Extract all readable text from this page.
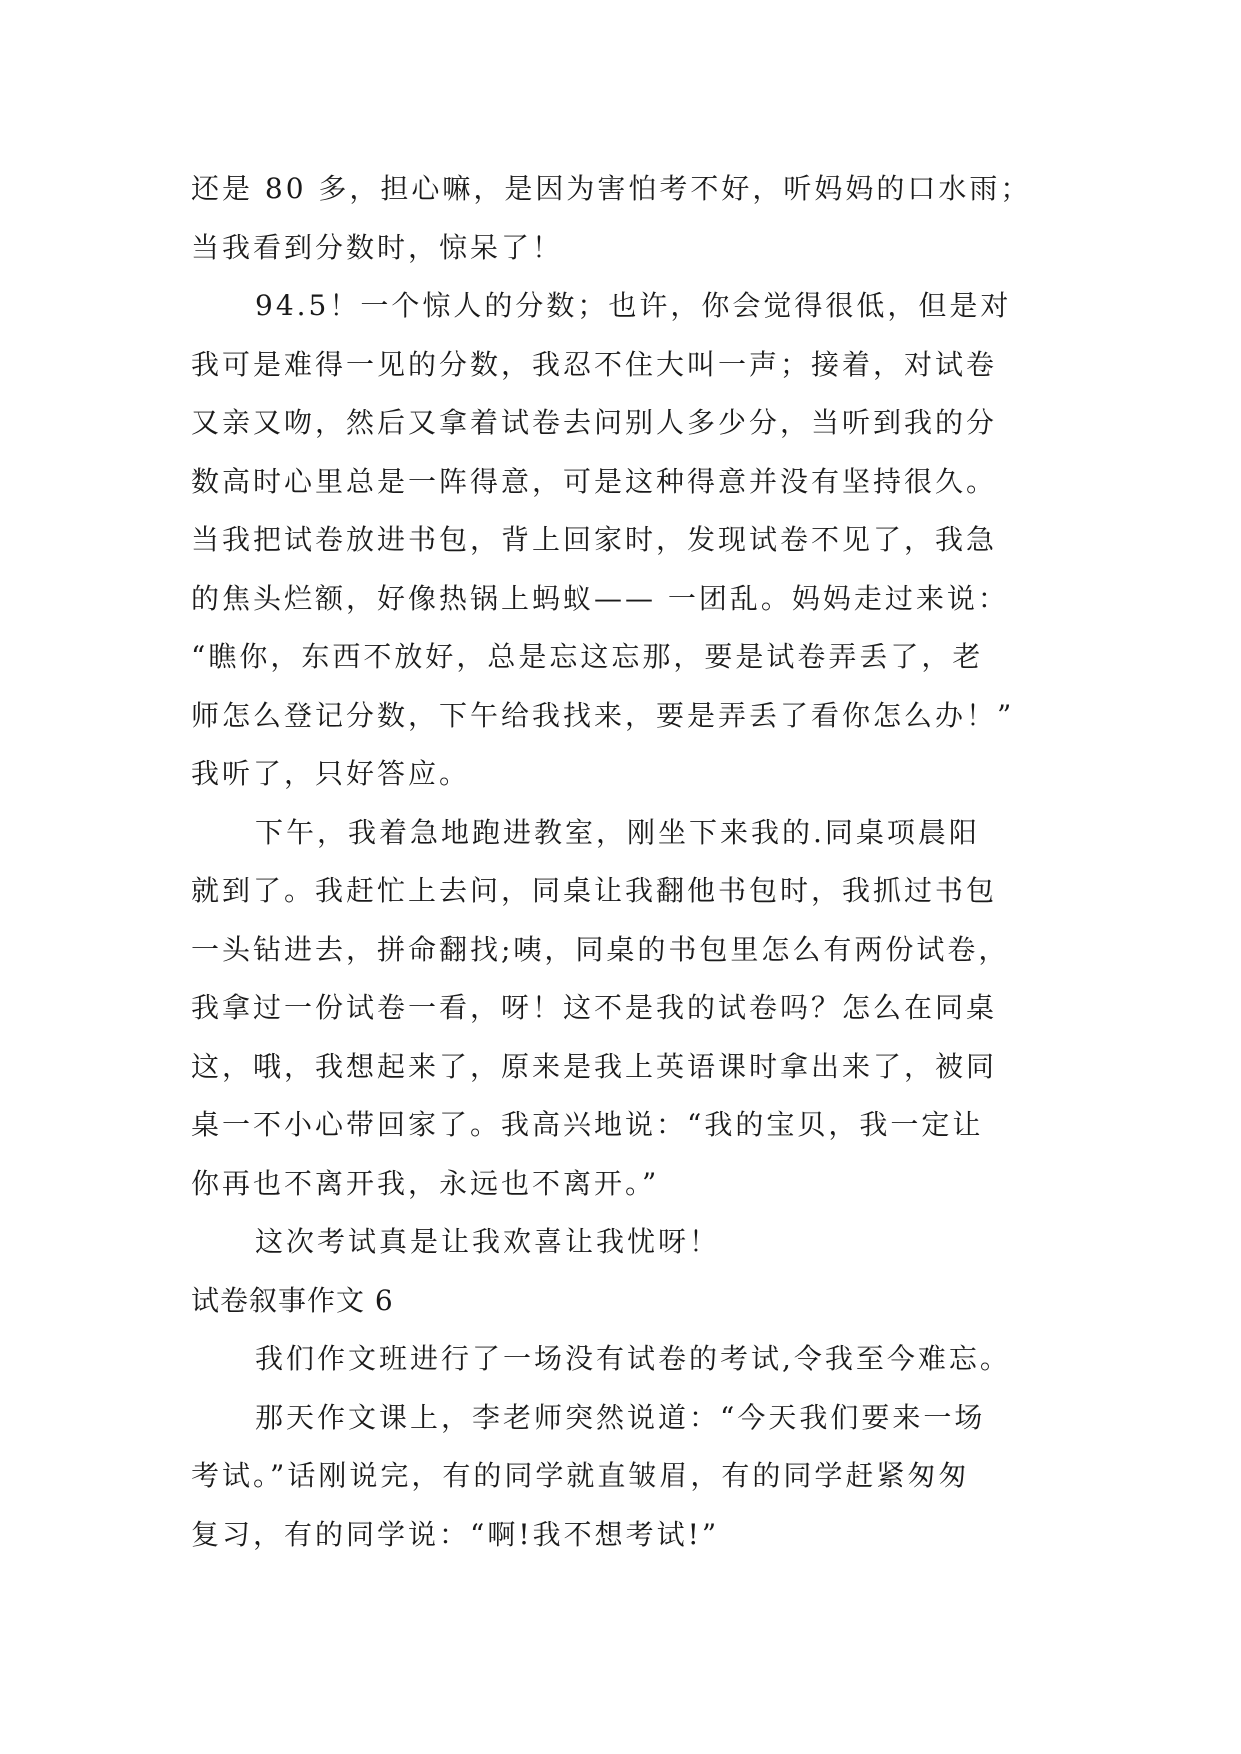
还是 80 多，担心嘛，是因为害怕考不好，听妈妈的口水雨；
当我看到分数时，惊呆了！
94.5！一个惊人的分数；也许，你会觉得很低，但是对
我可是难得一见的分数，我忍不住大叫一声；接着，对试卷
又亲又吻，然后又拿着试卷去问别人多少分，当听到我的分
数高时心里总是一阵得意，可是这种得意并没有坚持很久。
当我把试卷放进书包，背上回家时，发现试卷不见了，我急
的焦头烂额，好像热锅上蚂蚁—— 一团乱。妈妈走过来说：
“瞧你，东西不放好，总是忘这忘那，要是试卷弄丢了，老
师怎么登记分数，下午给我找来，要是弄丢了看你怎么办！”
我听了，只好答应。
下午，我着急地跑进教室，刚坐下来我的.同桌项晨阳
就到了。我赶忙上去问，同桌让我翻他书包时，我抓过书包
一头钻进去，拼命翻找;咦，同桌的书包里怎么有两份试卷，
我拿过一份试卷一看，呀！这不是我的试卷吗？怎么在同桌
这，哦，我想起来了，原来是我上英语课时拿出来了，被同
桌一不小心带回家了。我高兴地说：“我的宝贝，我一定让
你再也不离开我，永远也不离开。”
这次考试真是让我欢喜让我忧呀！
试卷叙事作文 6
我们作文班进行了一场没有试卷的考试,令我至今难忘。
那天作文课上，李老师突然说道：“今天我们要来一场
考试。”话刚说完，有的同学就直皱眉，有的同学赶紧匆匆
复习，有的同学说：“啊!我不想考试!”
